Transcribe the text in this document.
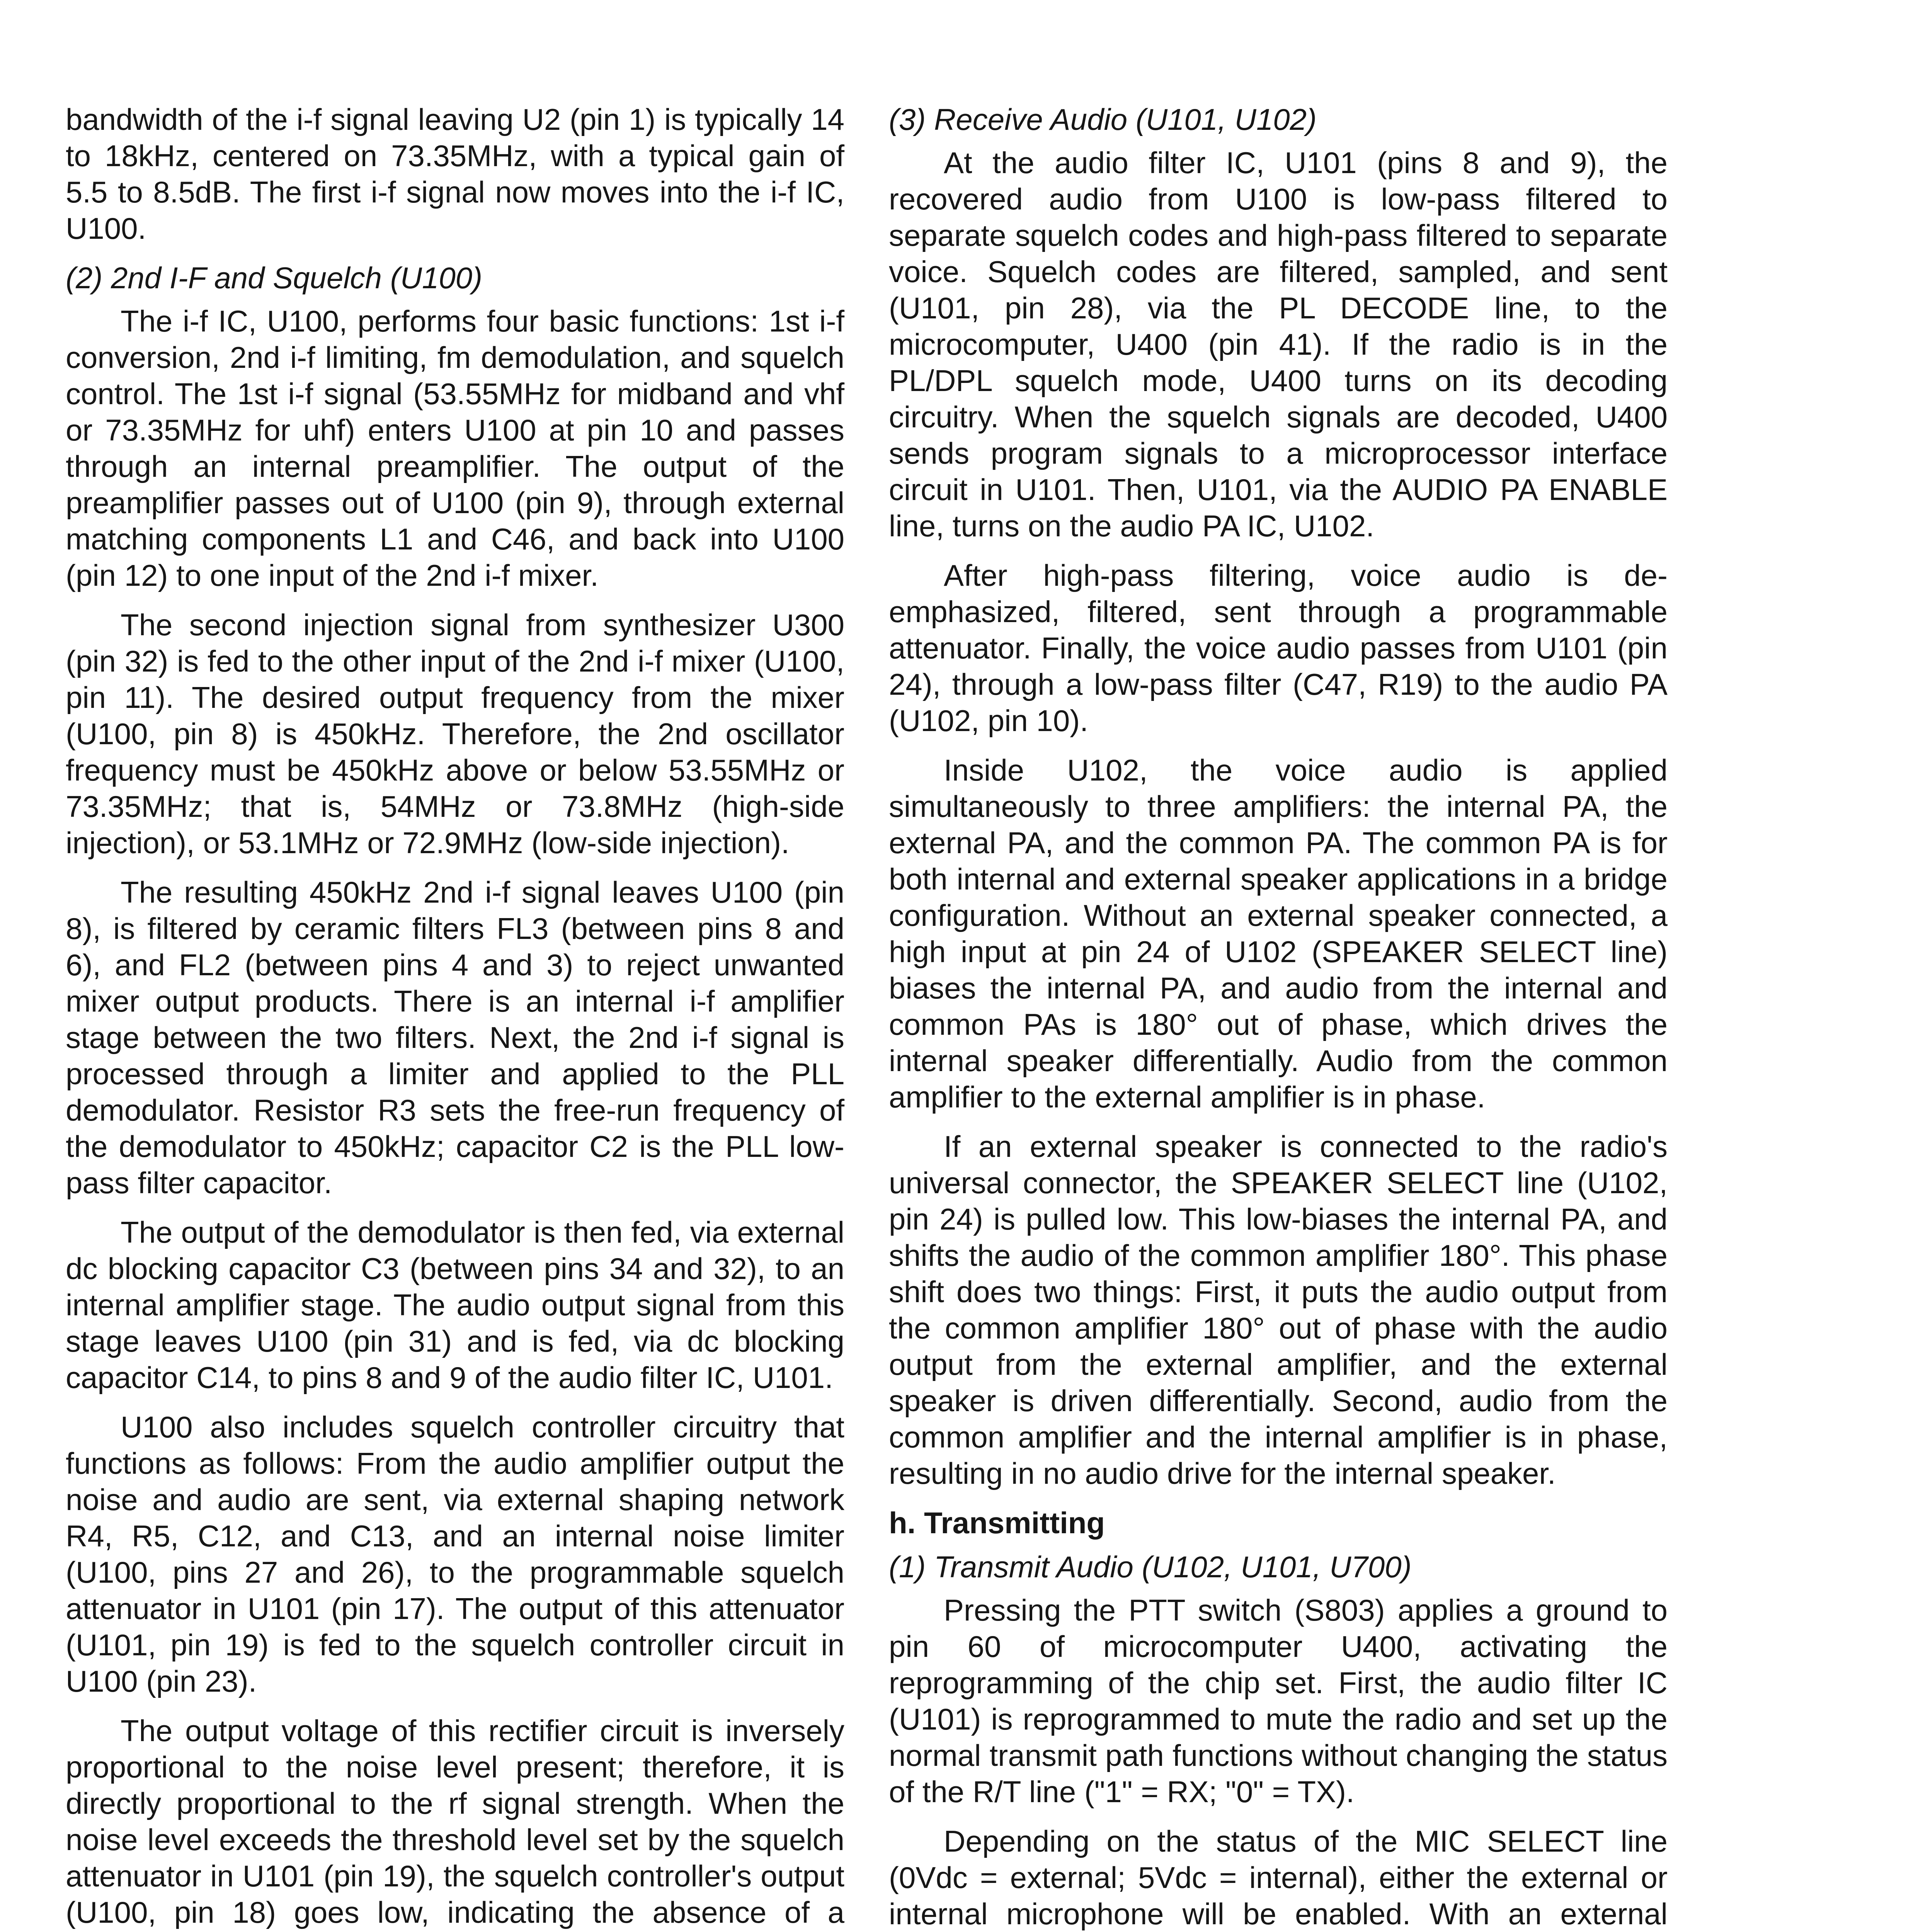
bandwidth of the i-f signal leaving U2 (pin 1) is typically 14 to 18kHz, centered on 73.35MHz, with a typical gain of 5.5 to 8.5dB. The first i-f signal now moves into the i-f IC, U100.

(2) 2nd I-F and Squelch (U100)

The i-f IC, U100, performs four basic functions: 1st i-f conversion, 2nd i-f limiting, fm demodulation, and squelch control. The 1st i-f signal (53.55MHz for midband and vhf or 73.35MHz for uhf) enters U100 at pin 10 and passes through an internal preamplifier. The output of the preamplifier passes out of U100 (pin 9), through external matching components L1 and C46, and back into U100 (pin 12) to one input of the 2nd i-f mixer.

The second injection signal from synthesizer U300 (pin 32) is fed to the other input of the 2nd i-f mixer (U100, pin 11). The desired output frequency from the mixer (U100, pin 8) is 450kHz. Therefore, the 2nd oscillator frequency must be 450kHz above or below 53.55MHz or 73.35MHz; that is, 54MHz or 73.8MHz (high-side injection), or 53.1MHz or 72.9MHz (low-side injection).

The resulting 450kHz 2nd i-f signal leaves U100 (pin 8), is filtered by ceramic filters FL3 (between pins 8 and 6), and FL2 (between pins 4 and 3) to reject unwanted mixer output products. There is an internal i-f amplifier stage between the two filters. Next, the 2nd i-f signal is processed through a limiter and applied to the PLL demodulator. Resistor R3 sets the free-run frequency of the demodulator to 450kHz; capacitor C2 is the PLL low-pass filter capacitor.

The output of the demodulator is then fed, via external dc blocking capacitor C3 (between pins 34 and 32), to an internal amplifier stage. The audio output signal from this stage leaves U100 (pin 31) and is fed, via dc blocking capacitor C14, to pins 8 and 9 of the audio filter IC, U101.

U100 also includes squelch controller circuitry that functions as follows: From the audio amplifier output the noise and audio are sent, via external shaping network R4, R5, C12, and C13, and an internal noise limiter (U100, pins 27 and 26), to the programmable squelch attenuator in U101 (pin 17). The output of this attenuator (U101, pin 19) is fed to the squelch controller circuit in U100 (pin 23).

The output voltage of this rectifier circuit is inversely proportional to the noise level present; therefore, it is directly proportional to the rf signal strength. When the noise level exceeds the threshold level set by the squelch attenuator in U101 (pin 19), the squelch controller's output (U100, pin 18) goes low, indicating the absence of a

(3) Receive Audio (U101, U102)

At the audio filter IC, U101 (pins 8 and 9), the recovered audio from U100 is low-pass filtered to separate squelch codes and high-pass filtered to separate voice. Squelch codes are filtered, sampled, and sent (U101, pin 28), via the PL DECODE line, to the microcomputer, U400 (pin 41). If the radio is in the PL/DPL squelch mode, U400 turns on its decoding circuitry. When the squelch signals are decoded, U400 sends program signals to a microprocessor interface circuit in U101. Then, U101, via the AUDIO PA ENABLE line, turns on the audio PA IC, U102.

After high-pass filtering, voice audio is de-emphasized, filtered, sent through a programmable attenuator. Finally, the voice audio passes from U101 (pin 24), through a low-pass filter (C47, R19) to the audio PA (U102, pin 10).

Inside U102, the voice audio is applied simultaneously to three amplifiers: the internal PA, the external PA, and the common PA. The common PA is for both internal and external speaker applications in a bridge configuration. Without an external speaker connected, a high input at pin 24 of U102 (SPEAKER SELECT line) biases the internal PA, and audio from the internal and common PAs is 180° out of phase, which drives the internal speaker differentially. Audio from the common amplifier to the external amplifier is in phase.

If an external speaker is connected to the radio's universal connector, the SPEAKER SELECT line (U102, pin 24) is pulled low. This low-biases the internal PA, and shifts the audio of the common amplifier 180°. This phase shift does two things: First, it puts the audio output from the common amplifier 180° out of phase with the audio output from the external amplifier, and the external speaker is driven differentially. Second, audio from the common amplifier and the internal amplifier is in phase, resulting in no audio drive for the internal speaker.

h. Transmitting
(1) Transmit Audio (U102, U101, U700)

Pressing the PTT switch (S803) applies a ground to pin 60 of microcomputer U400, activating the reprogramming of the chip set. First, the audio filter IC (U101) is reprogrammed to mute the radio and set up the normal transmit path functions without changing the status of the R/T line ("1" = RX; "0" = TX).

Depending on the status of the MIC SELECT line (0Vdc = external; 5Vdc = internal), either the external or internal microphone will be enabled. With an external
